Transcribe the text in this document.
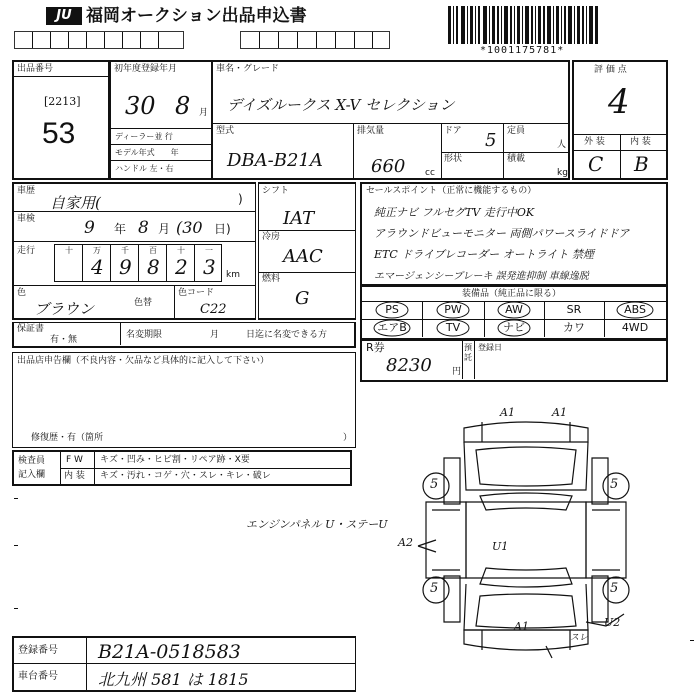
JU 福岡オークション出品申込書
*1001175781*
出品番号
[2213]
53
初年度登録年月
30 8 月
ディーラー並 行
モデル年式　　年
ハンドル 左・右
車名・グレード
デイズルークス X-V セレクション
型式
DBA-B21A
排気量
660 cc
ドア 5 定員
人
形状	積載
kg
評 価 点
4
外 装	内 装
C B
車歴
自家用(	)
車検	9 年 8 月 (30 日)
走行	十	万	千	百	十	一
4 9 8 2 3 km
色
ブラウン	色替
色コード
C22
シフト
IAT
冷房
AAC
燃料
G
セールスポイント（正常に機能するもの）
純正ナビ フルセグTV 走行中OK
アラウンドビューモニター 両側パワースライドドア
ETC ドライブレコーダー オートライト 禁煙
エマージェンシーブレーキ 誤発進抑制 車線逸脱
装備品（純正品に限る）
PS	PW	AW	SR	ABS
エアB	TV	ナビ	カワ	4WD
保証書
有・無	名変期限	月	日迄に名変できる方
R券
8230 円
預託
登録日
出品店申告欄（不良内容・欠品など具体的に記入して下さい）
修復歴・有（箇所	）
検査員
記入欄
F W
内 装
キズ・凹み・ヒビ割・リペア跡・X要
キズ・汚れ・コゲ・穴・スレ・キレ・破レ
エンジンパネル U・ステーU
5	5
5	5
A1	A1
A2	U1
A1
スレ
U2
登録番号 B21A-0518583
車台番号	北九州 581 は 1815
